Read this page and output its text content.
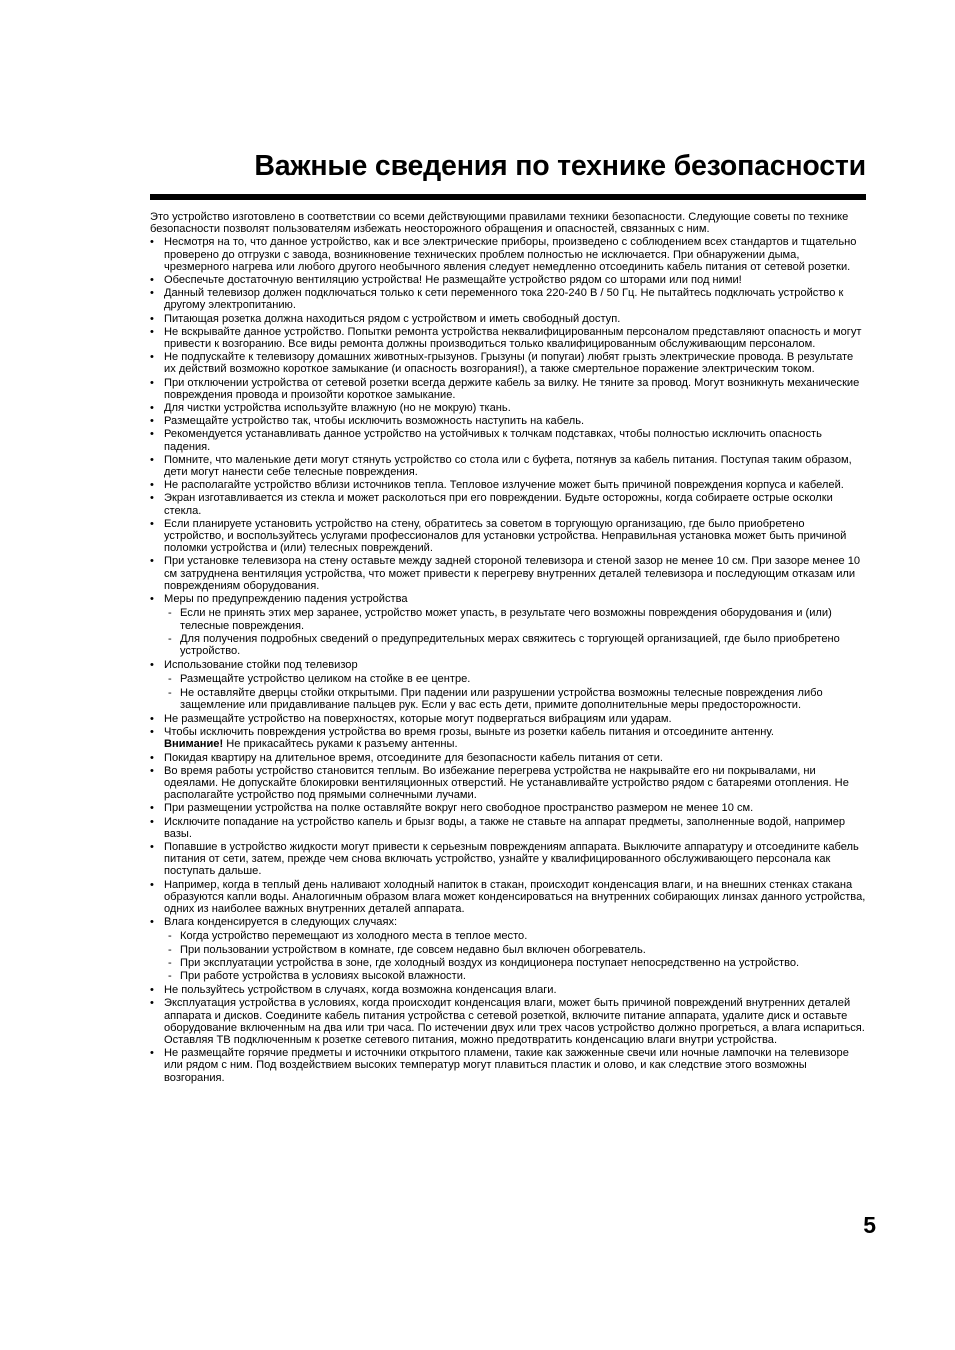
Важные сведения по технике безопасности

Это устройство изготовлено в соответствии со всеми действующими правилами техники безопасности. Следующие советы по технике безопасности позволят пользователям избежать неосторожного обращения и опасностей, связанных с ним.

• Несмотря на то, что данное устройство, как и все электрические приборы, произведено с соблюдением всех стандартов и тщательно проверено до отгрузки с завода, возникновение технических проблем полностью не исключается. При обнаружении дыма, чрезмерного нагрева или любого другого необычного явления следует немедленно отсоединить кабель питания от сетевой розетки.
• Обеспечьте достаточную вентиляцию устройства! Не размещайте устройство рядом со шторами или под ними!
• Данный телевизор должен подключаться только к сети переменного тока 220-240 В / 50 Гц. Не пытайтесь подключать устройство к другому электропитанию.
• Питающая розетка должна находиться рядом с устройством и иметь свободный доступ.
• Не вскрывайте данное устройство. Попытки ремонта устройства неквалифицированным персоналом представляют опасность и могут привести к возгоранию. Все виды ремонта должны производиться только квалифицированным обслуживающим персоналом.
• Не подпускайте к телевизору домашних животных-грызунов. Грызуны (и попугаи) любят грызть электрические провода. В результате их действий возможно короткое замыкание (и опасность возгорания!), а также смертельное поражение электрическим током.
• При отключении устройства от сетевой розетки всегда держите кабель за вилку. Не тяните за провод. Могут возникнуть механические повреждения провода и произойти короткое замыкание.
• Для чистки устройства используйте влажную (но не мокрую) ткань.
• Размещайте устройство так, чтобы исключить возможность наступить на кабель.
• Рекомендуется устанавливать данное устройство на устойчивых к толчкам подставках, чтобы полностью исключить опасность падения.
• Помните, что маленькие дети могут стянуть устройство со стола или с буфета, потянув за кабель питания. Поступая таким образом, дети могут нанести себе телесные повреждения.
• Не располагайте устройство вблизи источников тепла. Тепловое излучение может быть причиной повреждения корпуса и кабелей.
• Экран изготавливается из стекла и может расколоться при его повреждении. Будьте осторожны, когда собираете острые осколки стекла.
• Если планируете установить устройство на стену, обратитесь за советом в торгующую организацию, где было приобретено устройство, и воспользуйтесь услугами профессионалов для установки устройства. Неправильная установка может быть причиной поломки устройства и (или) телесных повреждений.
• При установке телевизора на стену оставьте между задней стороной телевизора и стеной зазор не менее 10 см. При зазоре менее 10 см затруднена вентиляция устройства, что может привести к перегреву внутренних деталей телевизора и последующим отказам или повреждениям оборудования.
• Меры по предупреждению падения устройства
- Если не принять этих мер заранее, устройство может упасть, в результате чего возможны повреждения оборудования и (или) телесные повреждения.
- Для получения подробных сведений о предупредительных мерах свяжитесь с торгующей организацией, где было приобретено устройство.
• Использование стойки под телевизор
- Размещайте устройство целиком на стойке в ее центре.
- Не оставляйте дверцы стойки открытыми. При падении или разрушении устройства возможны телесные повреждения либо защемление или придавливание пальцев рук. Если у вас есть дети, примите дополнительные меры предосторожности.
• Не размещайте устройство на поверхностях, которые могут подвергаться вибрациям или ударам.
• Чтобы исключить повреждения устройства во время грозы, выньте из розетки кабель питания и отсоедините антенну.
Внимание! Не прикасайтесь руками к разъему антенны.
• Покидая квартиру на длительное время, отсоедините для безопасности кабель питания от сети.
• Во время работы устройство становится теплым. Во избежание перегрева устройства не накрывайте его ни покрывалами, ни одеялами. Не допускайте блокировки вентиляционных отверстий. Не устанавливайте устройство рядом с батареями отопления. Не располагайте устройство под прямыми солнечными лучами.
• При размещении устройства на полке оставляйте вокруг него свободное пространство размером не менее 10 см.
• Исключите попадание на устройство капель и брызг воды, а также не ставьте на аппарат предметы, заполненные водой, например вазы.
• Попавшие в устройство жидкости могут привести к серьезным повреждениям аппарата. Выключите аппаратуру и отсоедините кабель питания от сети, затем, прежде чем снова включать устройство, узнайте у квалифицированного обслуживающего персонала как поступать дальше.
• Например, когда в теплый день наливают холодный напиток в стакан, происходит конденсация влаги, и на внешних стенках стакана образуются капли воды. Аналогичным образом влага может конденсироваться на внутренних собирающих линзах данного устройства, одних из наиболее важных внутренних деталей аппарата.
• Влага конденсируется в следующих случаях:
- Когда устройство перемещают из холодного места в теплое место.
- При пользовании устройством в комнате, где совсем недавно был включен обогреватель.
- При эксплуатации устройства в зоне, где холодный воздух из кондиционера поступает непосредственно на устройство.
- При работе устройства в условиях высокой влажности.
• Не пользуйтесь устройством в случаях, когда возможна конденсация влаги.
• Эксплуатация устройства в условиях, когда происходит конденсация влаги, может быть причиной повреждений внутренних деталей аппарата и дисков. Соедините кабель питания устройства с сетевой розеткой, включите питание аппарата, удалите диск и оставьте оборудование включенным на два или три часа. По истечении двух или трех часов устройство должно прогреться, а влага испариться. Оставляя ТВ подключенным к розетке сетевого питания, можно предотвратить конденсацию влаги внутри устройства.
• Не размещайте горячие предметы и источники открытого пламени, такие как зажженные свечи или ночные лампочки на телевизоре или рядом с ним. Под воздействием высоких температур могут плавиться пластик и олово, и как следствие этого возможны возгорания.
5
